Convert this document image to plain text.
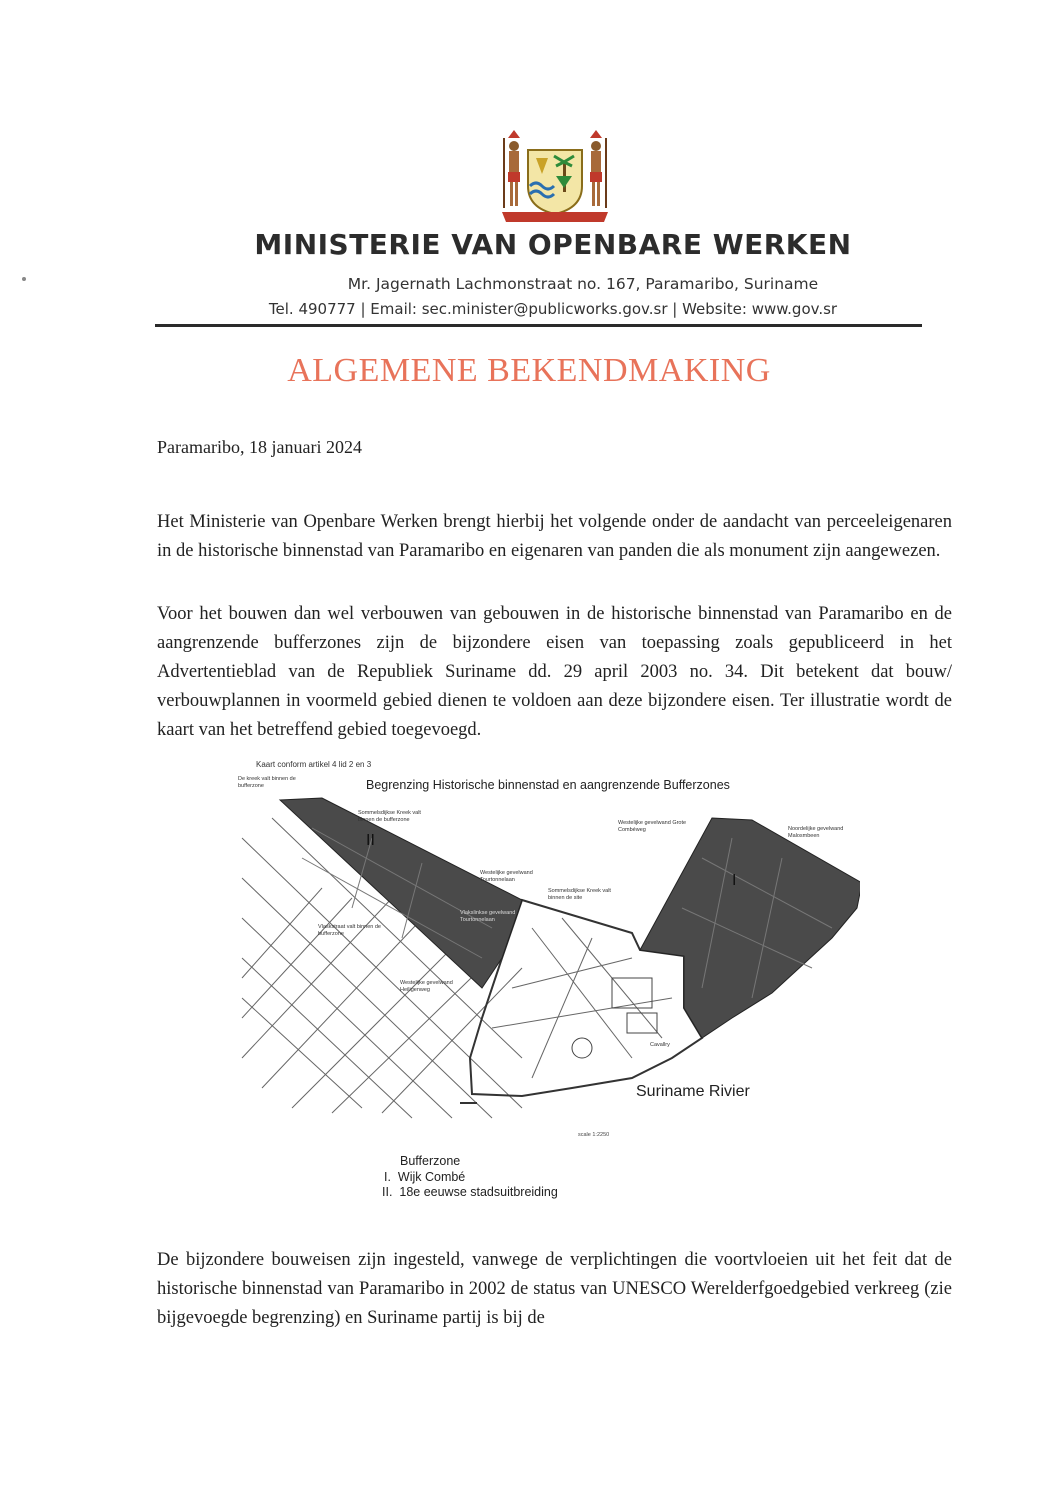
MINISTERIE VAN OPENBARE WERKEN
Mr. Jagernath Lachmonstraat no. 167, Paramaribo, Suriname
Tel. 490777 | Email: sec.minister@publicworks.gov.sr | Website: www.gov.sr
ALGEMENE BEKENDMAKING
Paramaribo, 18 januari 2024
Het Ministerie van Openbare Werken brengt hierbij het volgende onder de aandacht van perceeleigenaren in de historische binnenstad van Paramaribo en eigenaren van panden die als monument zijn aangewezen.
Voor het bouwen dan wel verbouwen van gebouwen in de historische binnenstad van Paramaribo en de aangrenzende bufferzones zijn de bijzondere eisen van toepassing zoals gepubliceerd in het Advertentieblad van de Republiek Suriname dd. 29 april 2003 no. 34. Dit betekent dat bouw/ verbouwplannen in voormeld gebied dienen te voldoen aan deze bijzondere eisen. Ter illustratie wordt de kaart van het betreffend gebied toegevoegd.
Kaart conform artikel 4 lid 2 en 3
Begrenzing Historische binnenstad en aangrenzende Bufferzones
De kreek valt binnen de bufferzone
Sommelsdijkse Kreek valt binnen de bufferzone
Westelijke gevelwand Tourtonnelaan
Sommelsdijkse Kreek valt binnen de site
Westelijke gevelwand Grote Combéweg	Noordelijke gevelwand Malosmbeen
Vlakslinkse gevelwand Tourtonnelaan
Vlaskstraat valt binnen de bufferzone
Westelijke gevelwand Heiligenweg
Cavallry
II
I
Suriname Rivier
scale 1:2250
Bufferzone
I.  Wijk Combé
II.  18e eeuwse stadsuitbreiding
De bijzondere bouweisen zijn ingesteld, vanwege de verplichtingen die voortvloeien uit het feit dat de historische binnenstad van Paramaribo in 2002 de status van UNESCO Werelderfgoedgebied verkreeg (zie bijgevoegde begrenzing) en Suriname partij is bij de
